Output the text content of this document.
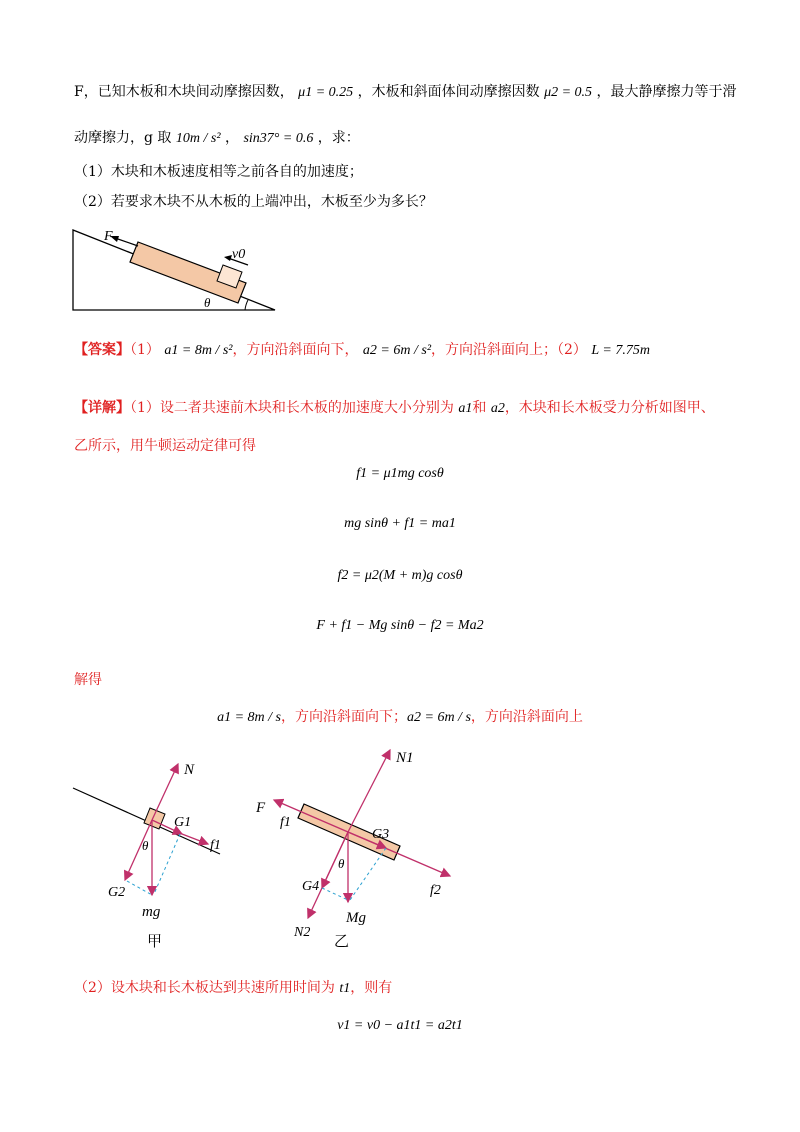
F，已知木板和木块间动摩擦因数， μ1 = 0.25 ，木板和斜面体间动摩擦因数 μ2 = 0.5 ，最大静摩擦力等于滑
动摩擦力，g 取 10m / s² ， sin37° = 0.6 ，求：
（1）木块和木板速度相等之前各自的加速度；
（2）若要求木块不从木板的上端冲出，木板至少为多长？
F
v0
θ
【答案】（1） a1 = 8m / s²，方向沿斜面向下， a2 = 6m / s²，方向沿斜面向上；（2） L = 7.75m
【详解】（1）设二者共速前木块和长木板的加速度大小分别为 a1和 a2，木块和长木板受力分析如图甲、
乙所示，用牛顿运动定律可得
f1 = μ1mg cosθ
mg sinθ + f1 = ma1
f2 = μ2(M + m)g cosθ
F + f1 − Mg sinθ − f2 = Ma2
解得
a1 = 8m / s，方向沿斜面向下；a2 = 6m / s，方向沿斜面向上
N
G1
f1
θ
G2
mg
甲
N1
F
f1
G3
θ
G4
Mg
N2
f2
乙
（2）设木块和长木板达到共速所用时间为 t1，则有
v1 = v0 − a1t1 = a2t1
